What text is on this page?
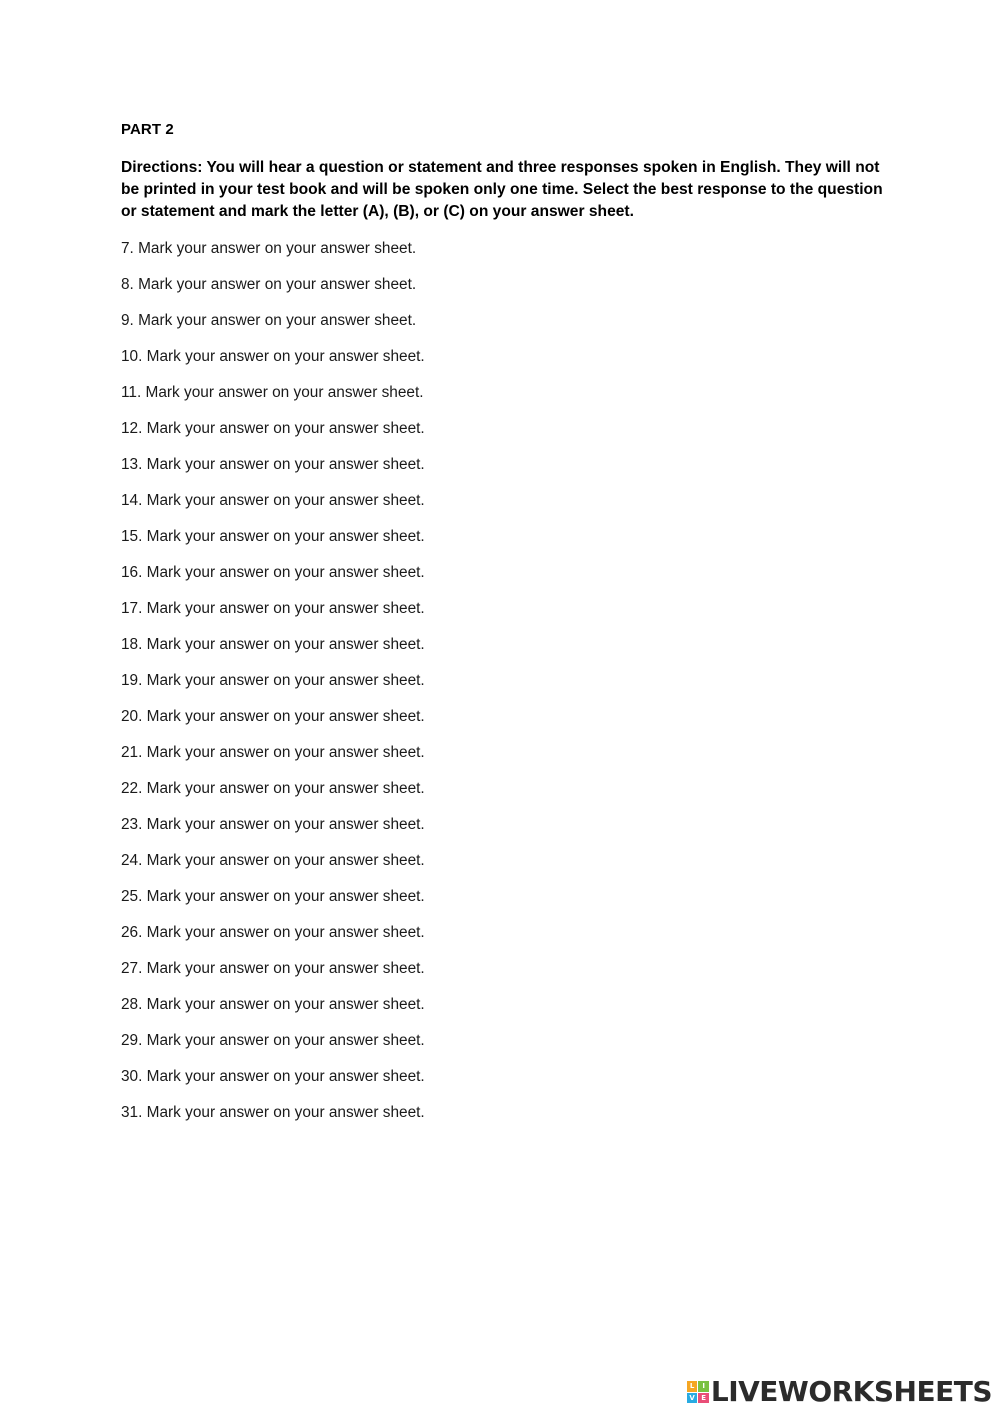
PART 2
Directions: You will hear a question or statement and three responses spoken in English. They will not be printed in your test book and will be spoken only one time. Select the best response to the question or statement and mark the letter (A), (B), or (C) on your answer sheet.
7. Mark your answer on your answer sheet.
8. Mark your answer on your answer sheet.
9. Mark your answer on your answer sheet.
10. Mark your answer on your answer sheet.
11. Mark your answer on your answer sheet.
12. Mark your answer on your answer sheet.
13. Mark your answer on your answer sheet.
14. Mark your answer on your answer sheet.
15. Mark your answer on your answer sheet.
16. Mark your answer on your answer sheet.
17. Mark your answer on your answer sheet.
18. Mark your answer on your answer sheet.
19. Mark your answer on your answer sheet.
20. Mark your answer on your answer sheet.
21. Mark your answer on your answer sheet.
22. Mark your answer on your answer sheet.
23. Mark your answer on your answer sheet.
24. Mark your answer on your answer sheet.
25. Mark your answer on your answer sheet.
26. Mark your answer on your answer sheet.
27. Mark your answer on your answer sheet.
28. Mark your answer on your answer sheet.
29. Mark your answer on your answer sheet.
30. Mark your answer on your answer sheet.
31. Mark your answer on your answer sheet.
L	I
V E LIVEWORKSHEETS
